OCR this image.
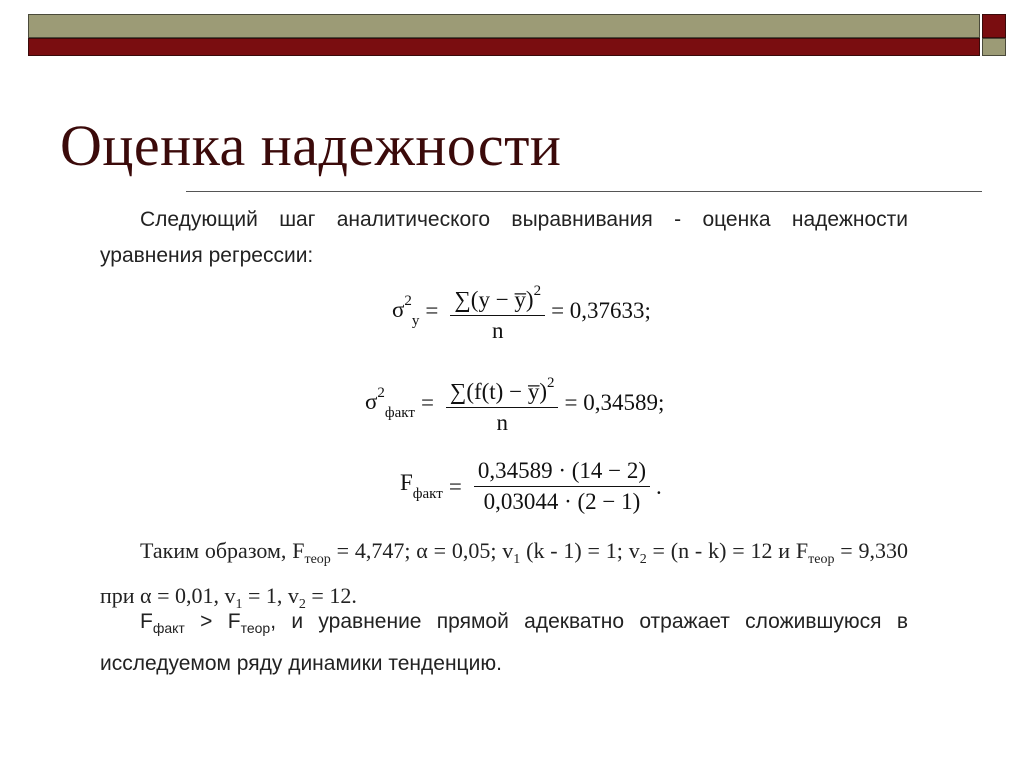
Оценка надежности
Следующий шаг аналитического выравнивания - оценка надежности уравнения регрессии:
$\sigma^2_y = \frac{\sum(y - y̅)^2}{n} = 0,37633$;
$\sigma^2_{факт} = \frac{\sum(f(t) - y̅)^2}{n} = 0,34589$;
$F_{факт} = \frac{0,34589 \cdot (14 - 2)}{0,03044 \cdot (2 - 1)}$ .
Таким образом, $F_{теор} = 4,747$; α = 0,05; $v_1$ (k - 1) = 1; $v_2 = (n - k) = 12$ и $F_{теор} = 9,330$ при α = 0,01, $v_1 = 1$, $v_2 = 12$.
$F_{факт} > F_{теор}$, и уравнение прямой адекватно отражает сложившуюся в исследуемом ряду динамики тенденцию.
